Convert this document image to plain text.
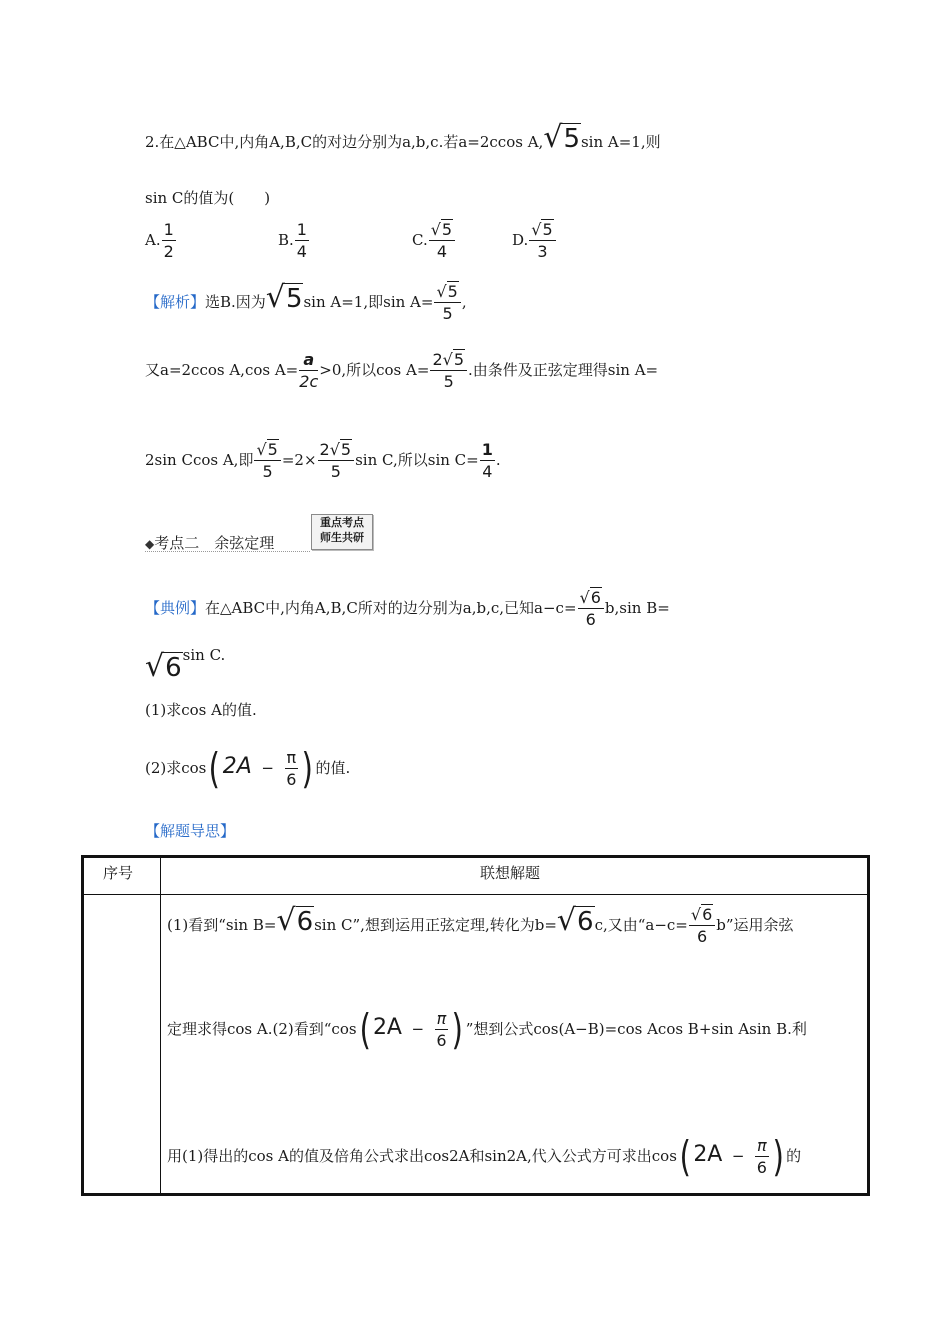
2.在△ABC中,内角A,B,C的对边分别为a,b,c.若a=2ccos A,√5sin A=1,则
sin C的值为(　　)
A. $\frac{1}{2}$	B. $\frac{1}{4}$	C. $\frac{√5}{4}$	D. $\frac{√5}{3}$
【解析】选B.因为√5sin A=1,即$\sin A= \frac{√5}{5}$ ,
又a=2ccos A,cos $A= \frac{a}{2c} >0$,所以$\cos A= \frac{2√5}{5}$ .由条件及正弦定理得sin A=
2sin Ccos A,即 $\frac{√5}{5} =2\times \frac{2√5}{5}$ sin C,所以$\sin C= \frac{1}{4}$ .
◆考点二　余弦定理
重点考点
师生共研
【典例】在△ABC中,内角A,B,C所对的边分别为a,b,c,已知$a-c= \frac{√6}{6} b,\sin$ B=
√6sin C.
(1)求cos A的值.
(2)求cos( $2A - \frac{\pi}{6}$ ) 的值.
【解题导思】

序号	联想解题
(1)看到“sin B=√6sin C”,想到运用正弦定理,转化为b=√6c,又由“$a-c= \frac{√6}{6} b$”运用余弦
定理求得cos A.(2)看到“cos( $2A - \frac{\pi}{6}$ ) ”想到公式cos(A−B)=cos Acos B+sin Asin B.利
用(1)得出的cos A的值及倍角公式求出cos2A和sin2A,代入公式方可求出cos( $2A - \frac{\pi}{6}$ ) 的
